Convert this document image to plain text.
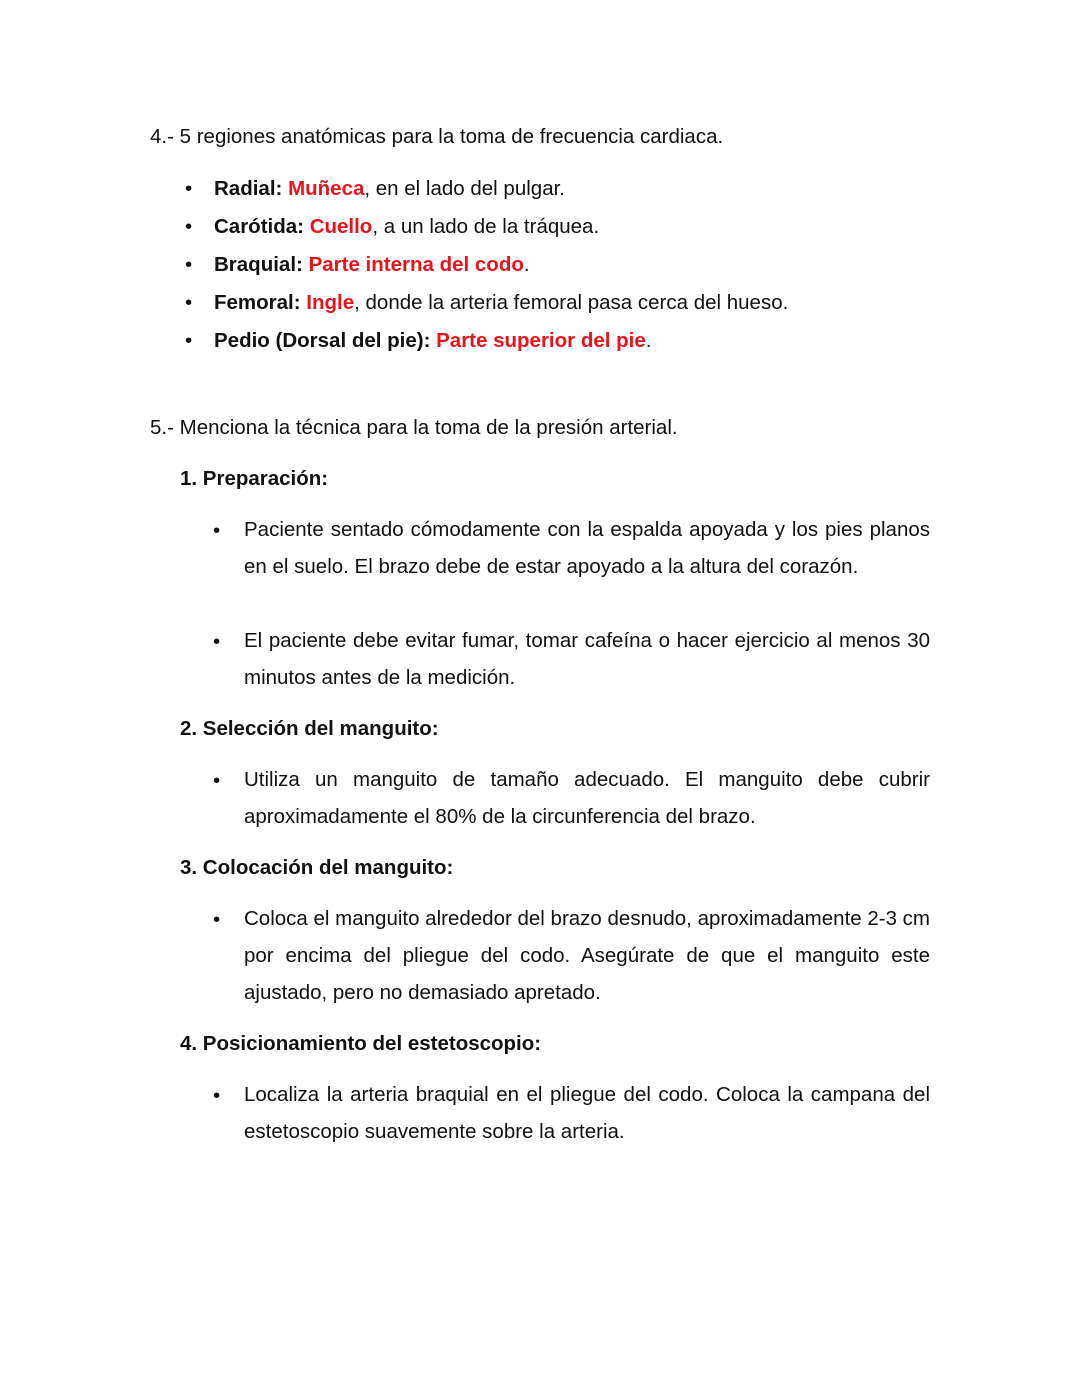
4.- 5 regiones anatómicas para la toma de frecuencia cardiaca.
• Radial: Muñeca, en el lado del pulgar.
• Carótida: Cuello, a un lado de la tráquea.
• Braquial: Parte interna del codo.
• Femoral: Ingle, donde la arteria femoral pasa cerca del hueso.
• Pedio (Dorsal del pie): Parte superior del pie.
5.- Menciona la técnica para la toma de la presión arterial.
1. Preparación:
• Paciente sentado cómodamente con la espalda apoyada y los pies planos en el suelo. El brazo debe de estar apoyado a la altura del corazón.
• El paciente debe evitar fumar, tomar cafeína o hacer ejercicio al menos 30 minutos antes de la medición.
2. Selección del manguito:
• Utiliza un manguito de tamaño adecuado. El manguito debe cubrir aproximadamente el 80% de la circunferencia del brazo.
3. Colocación del manguito:
• Coloca el manguito alrededor del brazo desnudo, aproximadamente 2-3 cm por encima del pliegue del codo. Asegúrate de que el manguito este ajustado, pero no demasiado apretado.
4. Posicionamiento del estetoscopio:
• Localiza la arteria braquial en el pliegue del codo. Coloca la campana del estetoscopio suavemente sobre la arteria.
